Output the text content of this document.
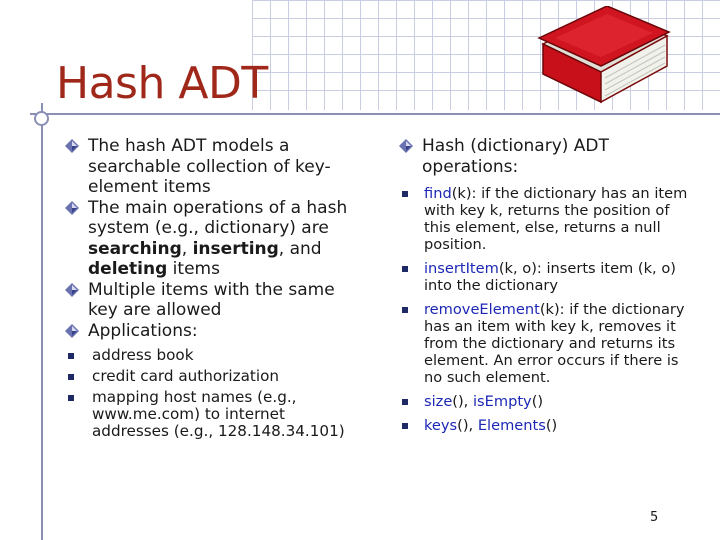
Hash ADT

The hash ADT models a searchable collection of key-element items

The main operations of a hash system (e.g., dictionary) are searching, inserting, and deleting items

Multiple items with the same key are allowed

Applications:

address book
credit card authorization
mapping host names (e.g., www.me.com) to internet addresses (e.g., 128.148.34.101)

Hash (dictionary) ADT operations:

find(k): if the dictionary has an item with key k, returns the position of this element, else, returns a null position.
insertItem(k, o): inserts item (k, o) into the dictionary
removeElement(k): if the dictionary has an item with key k, removes it from the dictionary and returns its element. An error occurs if there is no such element.
size(), isEmpty()
keys(), Elements()
5
